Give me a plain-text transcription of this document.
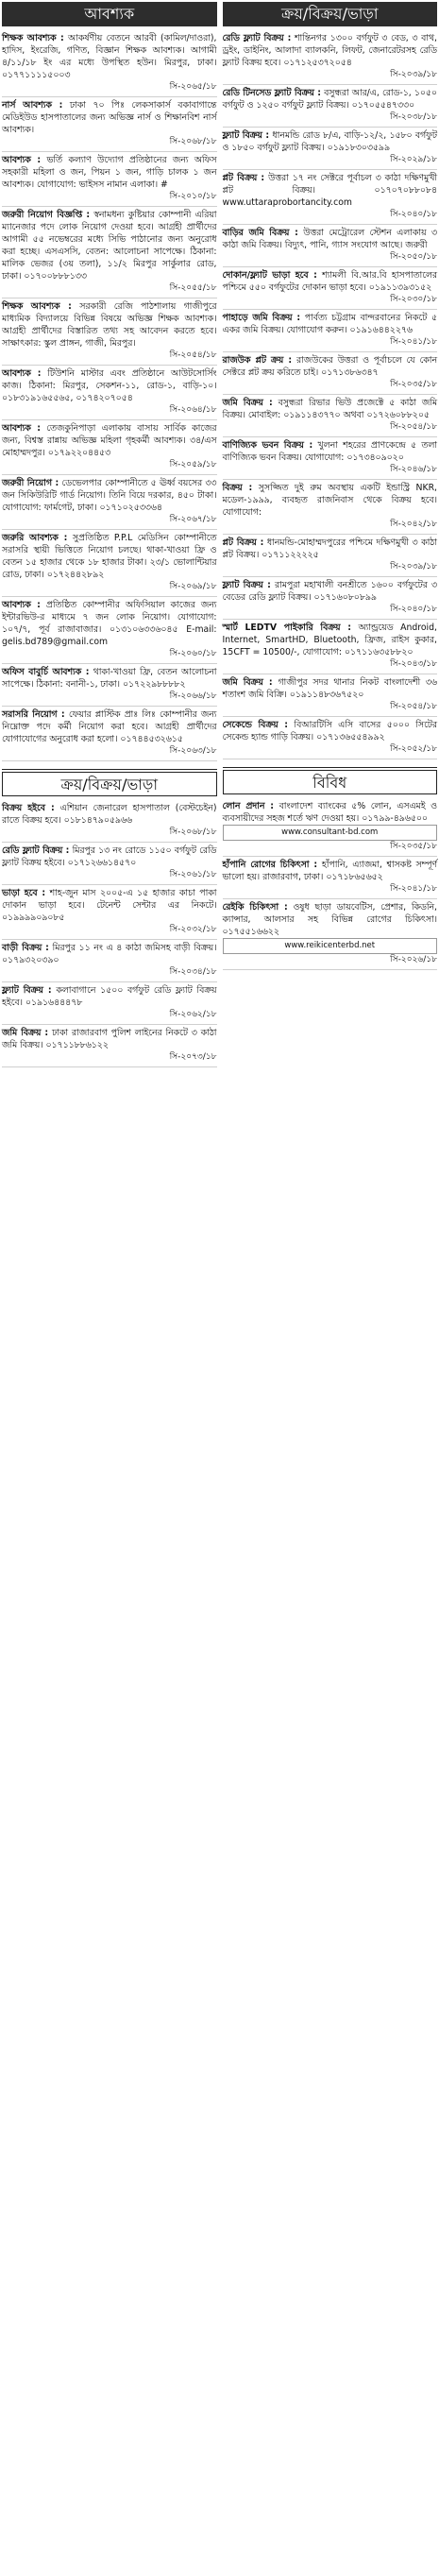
আবশ্যক

শিক্ষক আবশ্যক : আকর্ষণীয় বেতনে আরবী (কামিল/দাওরা), হাদিস, ইংরেজি, গণিত, বিজ্ঞান শিক্ষক আবশ্যক। আগামী ৪/১১/১৮ ইং এর মধ্যে উপস্থিত হউন। মিরপুর, ঢাকা। ০১৭৭১১১১৫০০৩
সি-২০৬৫/১৮

নার্স আবশ্যক : ঢাকা ৭০ পিঃ লেকসাকার্স বকাবাগান্তে মেডিইউড হাসপাতালের জন্য অভিজ্ঞ নার্স ও শিক্ষানবিশ নার্স আবশ্যক।
সি-২০৬৮/১৮

আবশ্যক : ভর্তি কল্যাণ উদ্যোগ প্রতিষ্ঠানের জন্য অফিস সহকারী মহিলা ও জন, পিয়ন ১ জন, গাড়ি চালক ১ জন আবশ্যক। যোগাযোগ: ভাইসস নামান এলাকা। #
সি-২০১০/১৮

জরুরী নিয়োগ বিজ্ঞপ্তি : স্বনামধন্য কুষ্টিয়ার কোম্পানী এরিয়া ম্যানেজার পদে লোক নিয়োগ দেওয়া হবে। আগ্রহী প্রার্থীদের আগামী ৫৫ নভেম্বরের মধ্যে সিভি পাঠানোর জন্য অনুরোধ করা হচ্ছে। এসএসসি, বেতন: আলোচনা সাপেক্ষে। ঠিকানা: মালিক ভেজর (৩য় তলা), ১১/২ মিরপুর সার্কুলার রোড, ঢাকা। ০১৭০০৮৮৮১৩৩
সি-২০৫৫/১৮

শিক্ষক আবশ্যক : সরকারী রেজি পাঠশালায় গাজীপুরে মাধ্যমিক বিদ্যালয়ে বিভিন্ন বিষয়ে অভিজ্ঞ শিক্ষক আবশ্যক। আগ্রহী প্রার্থীদের বিস্তারিত তথ্য সহ আবেদন করতে হবে। সাক্ষাৎকার: স্কুল প্রাঙ্গন, গাজী, মিরপুর।
সি-২০৫৪/১৮

আবশ্যক : টিউশনি মাস্টার এবং প্রতিষ্ঠানে আউটসোর্সিং কাজ। ঠিকানা: মিরপুর, সেকশন-১১, রোড-১, বাড়ি-১০। ০১৮৩১৯১৬৫৫৬৫, ০১৭৪২০৭০৫৪
সি-২০৬৪/১৮

আবশ্যক : তেজকুনিপাড়া এলাকায় বাসায় সার্বিক কাজের জন্য, বিশ্বস্ত রান্নায় অভিজ্ঞ মহিলা গৃহকর্মী আবশ্যক। ৩৪/এস মোহাম্মদপুর। ০১৭৯২২০৪৪৫৩
সি-২০৫৯/১৮

জরুরী নিয়োগ : ডেভেলপার কোম্পানীতে ৫ ঊর্ধ্ব বয়সের ৩৩ জন সিকিউরিটি গার্ড নিয়োগ। তিনি বিয়ে দরকার, ৪৫০ টাকা। যোগাযোগ: ফার্মগেট, ঢাকা। ০১৭১০২৫৩৩৬৪
সি-২০৬৭/১৮

জরুরি আবশ্যক : সুপ্রতিষ্ঠিত P.P.L মেডিসিন কোম্পানীতে সরাসরি স্থায়ী ভিত্তিতে নিয়োগ চলছে। থাকা-খাওয়া ফ্রি ও বেতন ১৫ হাজার থেকে ১৮ হাজার টাকা। ২৩/১ ভোলান্টিয়ার রোড, ঢাকা। ০১৭২৪৪২৮৯২
সি-২০৬৯/১৮

আবশ্যক : প্রতিষ্ঠিত কোম্পানীর অফিসিয়াল কাজের জন্য ইন্টারভিউ-র মাধ্যমে ৭ জন লোক নিয়োগ। যোগাযোগ: ১০৭/৭, পূর্ব রাজাবাজার। ০১৩১০৬৩৩৬০৪৫ E-mail: gelis.bd789@gmail.com
সি-২০৬০/১৮

অফিস বাবুর্চি আবশ্যক : থাকা-খাওয়া ফ্রি, বেতন আলোচনা সাপেক্ষে। ঠিকানা: বনানী-১, ঢাকা। ০১৭২২৯৮৮৮৮২
সি-২০৬৬/১৮

সরাসরি নিয়োগ : ফেয়ার প্লাস্টিক প্রাঃ লিঃ কোম্পানীর জন্য নিম্নোক্ত পদে কর্মী নিয়োগ করা হবে। আগ্রহী প্রার্থীদের যোগাযোগের অনুরোধ করা হলো। ০১৭৪৪৫৩২৬১৫
সি-২০৬৩/১৮

ক্রয়/বিক্রয়/ভাড়া

বিক্রয় হইবে : এশিয়ান জেনারেল হাসপাতাল (বেস্টচেইন) রাতে বিক্রয় হবে। ০১৮১৪৭৯০৫৯৬৬
সি-২০৬৮/১৮

রেডি ফ্ল্যাট বিক্রয় : মিরপুর ১৩ নং রোডে ১১৫০ বর্গফুট রেডি ফ্ল্যাট বিক্রয় হইবে। ০১৭১২৬৬১৪৫৭০
সি-২০৬১/১৮

ভাড়া হবে : শাহ-জুন মাস ২০০৫-এ ১৫ হাজার কাচা পাকা দোকান ভাড়া হবে। টেনেন্ট সেন্টার এর নিকটে। ০১৯৯৯৯০৯০৮৫
সি-২০৩২/১৮

বাড়ী বিক্রয় : মিরপুর ১১ নং এ ৪ কাঠা জমিসহ বাড়ী বিক্রয়। ০১৭৯৩২০৩৯০
সি-২০৩৪/১৮

ফ্ল্যাট বিক্রয় : কলাবাগানে ১৫০০ বর্গফুট রেডি ফ্ল্যাট বিক্রয় হইবে। ০১৯১৬৪৪৪৭৮
সি-২০৬২/১৮

জমি বিক্রয় : ঢাকা রাজারবাগ পুলিশ লাইনের নিকটে ৩ কাঠা জমি বিক্রয়। ০১৭১১৮৮৬১২২
সি-২০৭৩/১৮

ক্রয়/বিক্রয়/ভাড়া

রেডি ফ্ল্যাট বিক্রয় : শান্তিনগর ১৩০০ বর্গফুট ৩ বেড, ৩ বাথ, ড্রইং, ডাইনিং, আলাদা ব্যালকনি, লিফট, জেনারেটরসহ রেডি ফ্ল্যাট বিক্রয় হবে। ০১৭১২৫৩৭২০৫৪
সি-২০৩৯/১৮

রেডি টিনসেড ফ্ল্যাট বিক্রয় : বসুন্ধরা আর/এ, রোড-১, ১০৫০ বর্গফুট ও ১২৫০ বর্গফুট ফ্ল্যাট বিক্রয়। ০১৭০৫৫৪৭৩৩০
সি-২০৩৮/১৮

ফ্ল্যাট বিক্রয় : ধানমন্ডি রোড ৮/এ, বাড়ি-১২/২, ১৫৮০ বর্গফুট ও ১৮৫০ বর্গফুট ফ্ল্যাট বিক্রয়। ০১৯১৮৩০৩৫৯৯
সি-২০২৯/১৮

প্লট বিক্রয় : উত্তরা ১৭ নং সেক্টরে পূর্বাচল ৩ কাঠা দক্ষিণমুখী প্লট বিক্রয়। ০১৭০৭০৮৮০৮৪ www.uttaraprobortancity.com
সি-২০৪০/১৮

বাড়ির জমি বিক্রয় : উত্তরা মেট্রোরেল স্টেশন এলাকায় ৩ কাঠা জমি বিক্রয়। বিদ্যুৎ, পানি, গ্যাস সংযোগ আছে। জরুরী
সি-২০৫০/১৮

দোকান/ফ্ল্যাট ভাড়া হবে : শ্যামলী বি.আর.বি হাসপাতালের পশ্চিমে ৫৫০ বর্গফুটের দোকান ভাড়া হবে। ০১৯১১৩৯৩১৫২
সি-২০৩০/১৮

পাহাড়ে জমি বিক্রয় : পার্বত্য চট্টগ্রাম বান্দরবানের নিকটে ৫ একর জমি বিক্রয়। যোগাযোগ করুন। ০১৯১৬৪৪২২৭৬
সি-২০৪১/১৮

রাজউক প্লট ক্রয় : রাজউকের উত্তরা ও পূর্বাচলে যে কোন সেক্টরে প্লট ক্রয় করিতে চাই। ০১৭১৩৮৬৩৪৭
সি-২০৩৫/১৮

জমি বিক্রয় : বসুন্ধরা রিভার ভিউ প্রজেক্টে ৫ কাঠা জমি বিক্রয়। মোবাইল: ০১৯১১৪৩৭৭০ অথবা ০১৭২৬০৮৮২০৫
সি-২০৫৪/১৮

বাণিজ্যিক ভবন বিক্রয় : খুলনা শহরের প্রাণকেন্দ্রে ৫ তলা বাণিজ্যিক ভবন বিক্রয়। যোগাযোগ: ০১৭৩৪০৯০২০
সি-২০৪৬/১৮

বিক্রয় : সুসজ্জিত দুই রুম অবস্থায় একটি ইন্ডাস্ট্রি NKR, মডেল-১৯৯৯, ব্যবহৃত রাজনিবাস থেকে বিক্রয় হবে। যোগাযোগ:
সি-২০৪২/১৮

প্লট বিক্রয় : ধানমন্ডি-মোহাম্মদপুরের পশ্চিমে দক্ষিণমুখী ৩ কাঠা প্লট বিক্রয়। ০১৭১১২২২২৫
সি-২০৩৯/১৮

ফ্ল্যাট বিক্রয় : রামপুরা মহাখালী বনশ্রীতে ১৬০০ বর্গফুটের ৩ বেডের রেডি ফ্ল্যাট বিক্রয়। ০১৭১৬০৮০৮৯৯
সি-২০৪০/১৮

স্মার্ট LEDTV পাইকারি বিক্রয় : অ্যান্ড্রয়েড Android, Internet, SmartHD, Bluetooth, ফ্রিজ, রাইস কুকার, 15CFT = 10500/-, যোগাযোগ: ০১৭১১৬৩৫৮৮২০
সি-২০৪৩/১৮

জমি বিক্রয় : গাজীপুর সদর থানার নিকট বাংলাদেশী ৩৬ শতাংশ জমি বিক্রি। ০১৯১১৪৮৩৬৭৫২০
সি-২০৫৪/১৮

সেকেন্ডে বিক্রয় : বিআরটিসি এসি বাসের ৫০০০ সিটের সেকেন্ড হ্যান্ড গাড়ি বিক্রয়। ০১৭১৩৬৫৫৪৯৯২
সি-২০৫২/১৮

বিবিধ

লোন প্রদান : বাংলাদেশ ব্যাংকের ৫% লোন, এসএমই ও ব্যবসায়ীদের সহজ শর্তে ঋণ দেওয়া হয়। ০১৭৯৯-৪৯৬৫০০
www.consultant-bd.com
সি-২০৩৫/১৮

হাঁপানি রোগের চিকিৎসা : হাঁপানি, এ্যাজমা, শ্বাসকষ্ট সম্পূর্ণ ভালো হয়। রাজারবাগ, ঢাকা। ০১৭১৮৬৫৬৫২
সি-২০৪১/১৮

রেইকি চিকিৎসা : ওষুধ ছাড়া ডায়বেটিস, প্রেশার, কিডনি, ক্যান্সার, আলসার সহ বিভিন্ন রোগের চিকিৎসা। ০১৭৫৫১৬৬২২
www.reikicenterbd.net
সি-২০২৬/১৮
